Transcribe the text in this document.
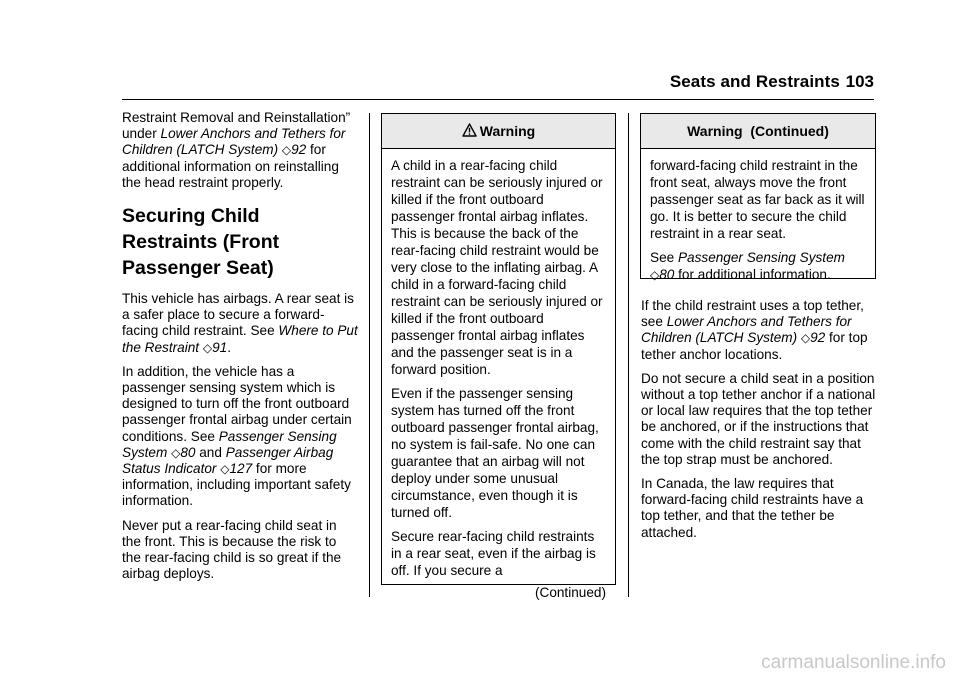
Seats and Restraints 103

Restraint Removal and Reinstallation” under Lower Anchors and Tethers for Children (LATCH System) ◇92 for additional information on reinstalling the head restraint properly.

Securing Child Restraints (Front Passenger Seat)

This vehicle has airbags. A rear seat is a safer place to secure a forward-facing child restraint. See Where to Put the Restraint ◇91.

In addition, the vehicle has a passenger sensing system which is designed to turn off the front outboard passenger frontal airbag under certain conditions. See Passenger Sensing System ◇80 and Passenger Airbag Status Indicator ◇127 for more information, including important safety information.

Never put a rear-facing child seat in the front. This is because the risk to the rear-facing child is so great if the airbag deploys.

Warning

A child in a rear-facing child restraint can be seriously injured or killed if the front outboard passenger frontal airbag inflates. This is because the back of the rear-facing child restraint would be very close to the inflating airbag. A child in a forward-facing child restraint can be seriously injured or killed if the front outboard passenger frontal airbag inflates and the passenger seat is in a forward position.

Even if the passenger sensing system has turned off the front outboard passenger frontal airbag, no system is fail-safe. No one can guarantee that an airbag will not deploy under some unusual circumstance, even though it is turned off.

Secure rear-facing child restraints in a rear seat, even if the airbag is off. If you secure a

(Continued)
Warning  (Continued)

forward-facing child restraint in the front seat, always move the front passenger seat as far back as it will go. It is better to secure the child restraint in a rear seat.

See Passenger Sensing System ◇80 for additional information.

If the child restraint uses a top tether, see Lower Anchors and Tethers for Children (LATCH System) ◇92 for top tether anchor locations.

Do not secure a child seat in a position without a top tether anchor if a national or local law requires that the top tether be anchored, or if the instructions that come with the child restraint say that the top strap must be anchored.

In Canada, the law requires that forward-facing child restraints have a top tether, and that the tether be attached.

carmanualsonline.info
